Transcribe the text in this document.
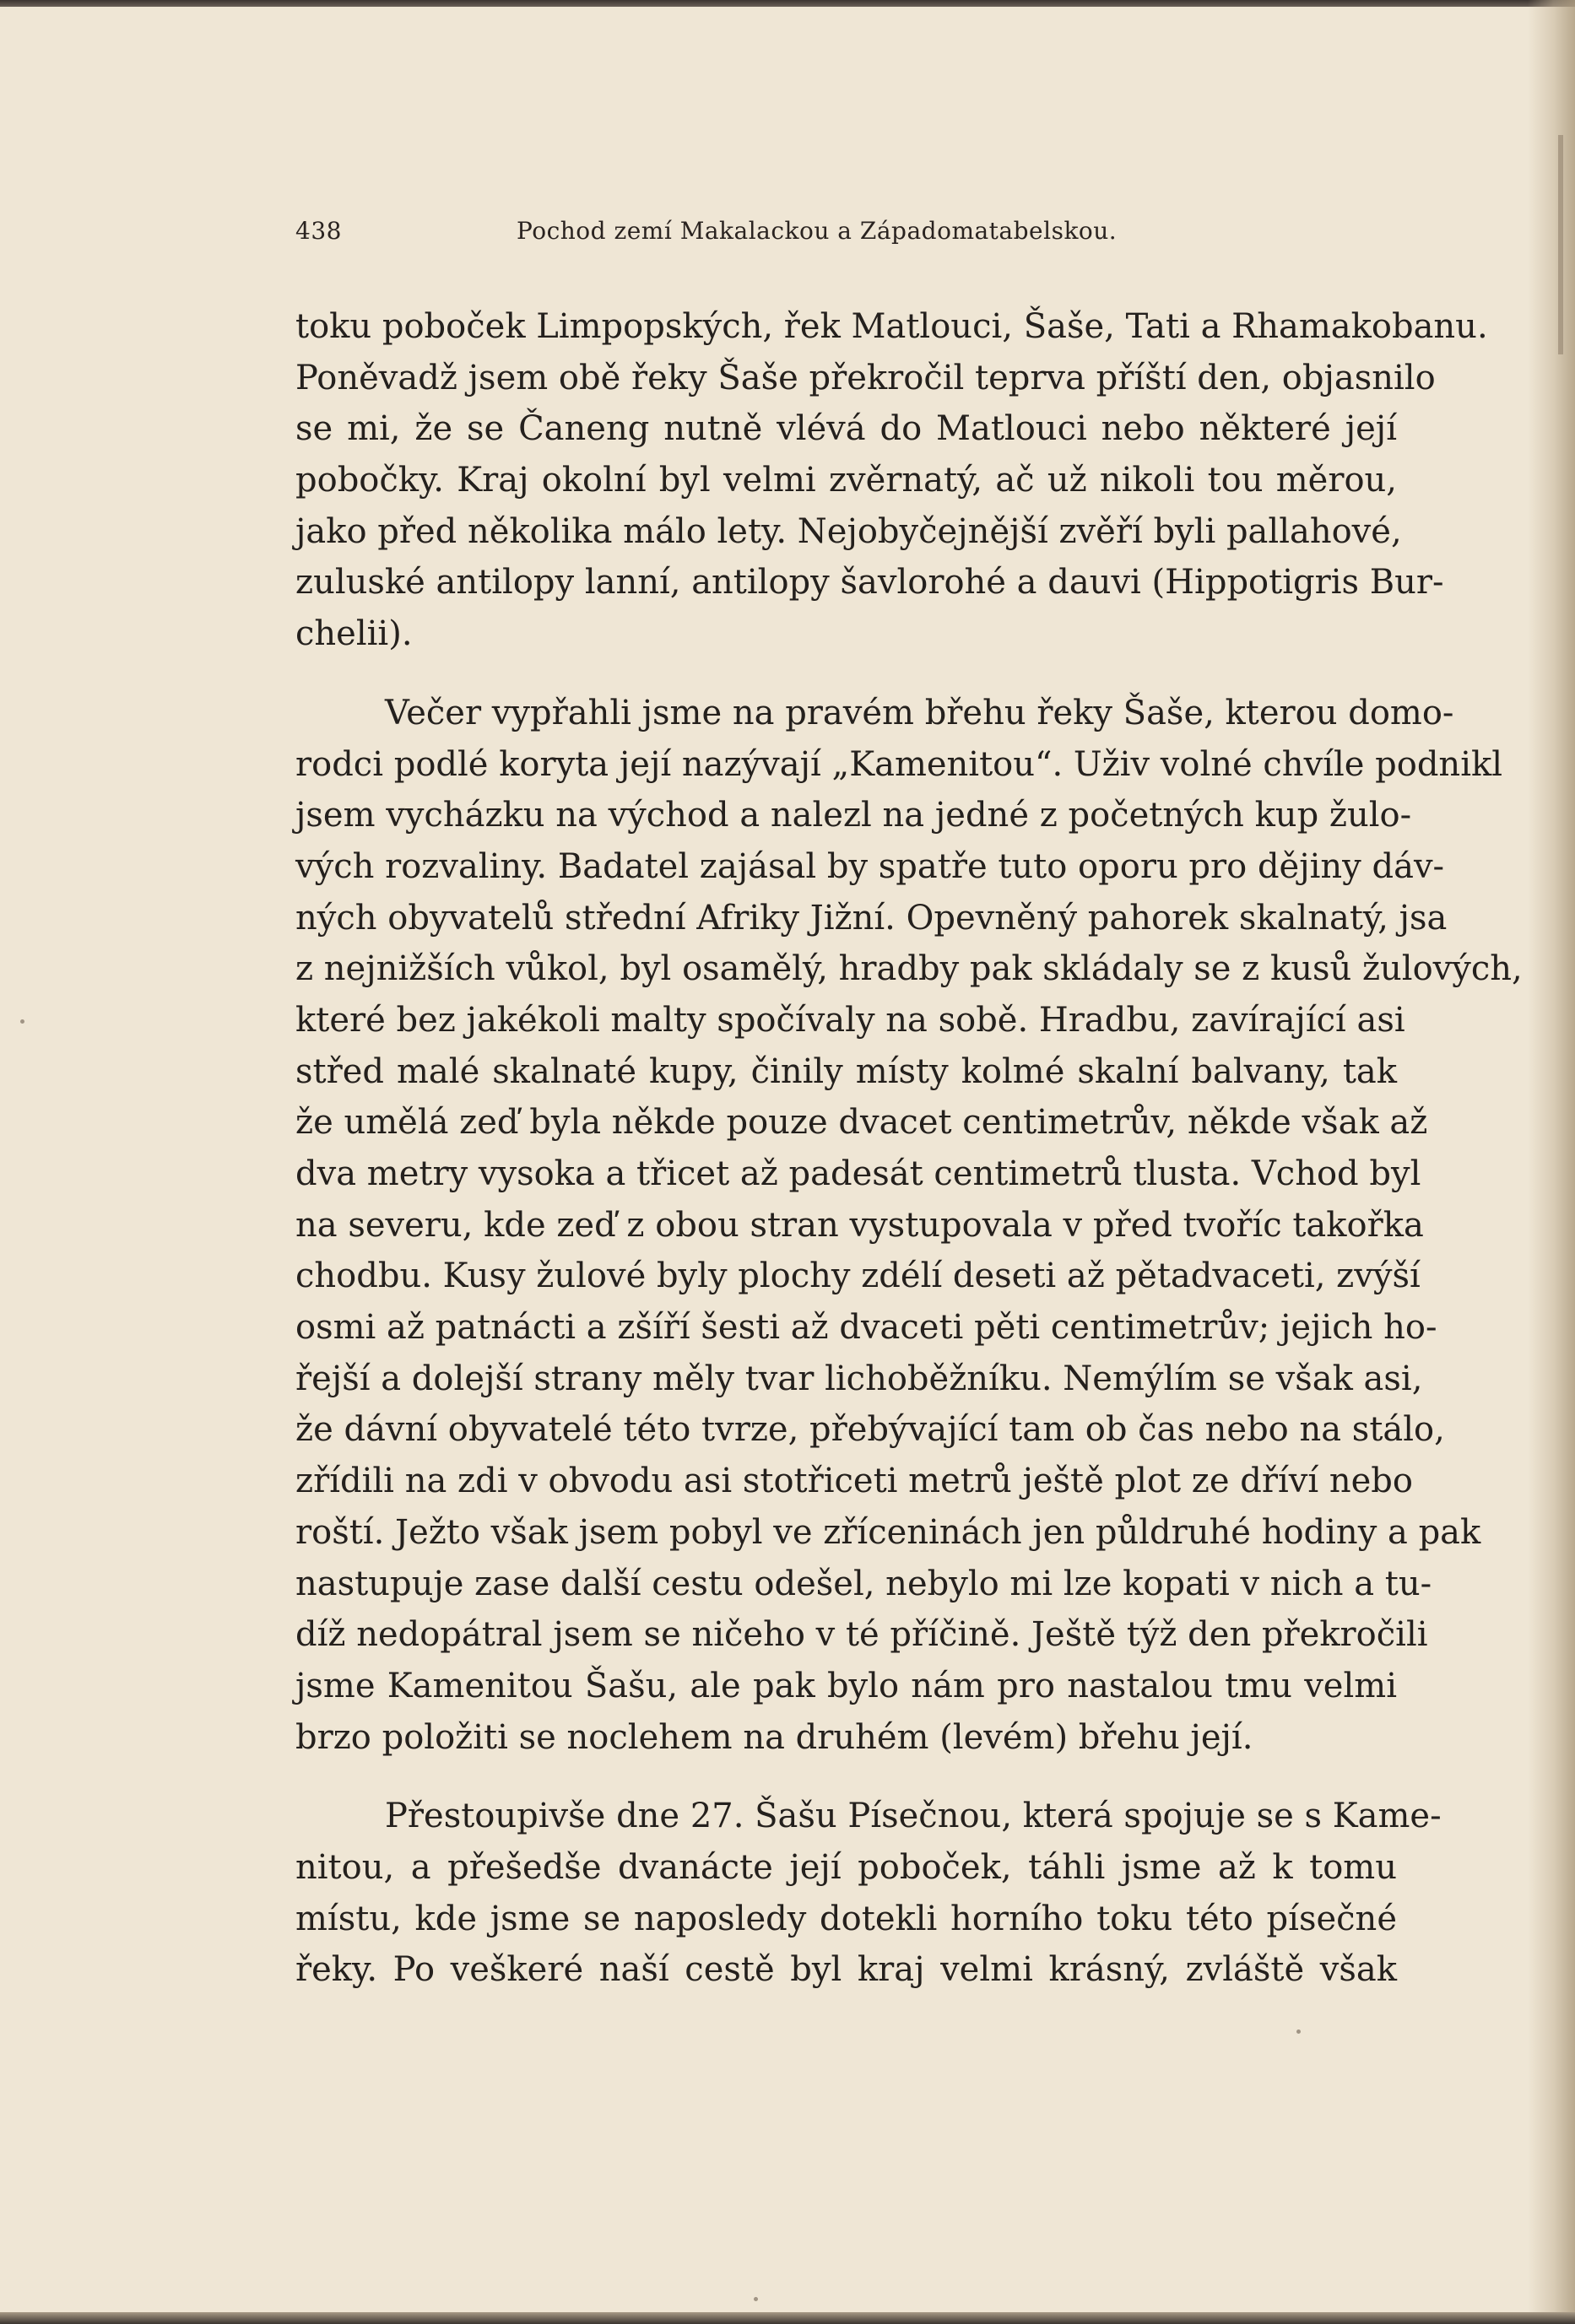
438	Pochod zemí Makalackou a Západomatabelskou.

toku poboček Limpopských, řek Matlouci, Šaše, Tati a Rhamakobanu.
Poněvadž jsem obě řeky Šaše překročil teprva příští den, objasnilo
se mi, že se Čaneng nutně vlévá do Matlouci nebo některé její
pobočky. Kraj okolní byl velmi zvěrnatý, ač už nikoli tou měrou,
jako před několika málo lety. Nejobyčejnější zvěří byli pallahové,
zuluské antilopy lanní, antilopy šavlorohé a dauvi (Hippotigris Bur-
chelii).

Večer vypřahli jsme na pravém břehu řeky Šaše, kterou domo-
rodci podlé koryta její nazývají „Kamenitou“. Uživ volné chvíle podnikl
jsem vycházku na východ a nalezl na jedné z početných kup žulo-
vých rozvaliny. Badatel zajásal by spatře tuto oporu pro dějiny dáv-
ných obyvatelů střední Afriky Jižní. Opevněný pahorek skalnatý, jsa
z nejnižších vůkol, byl osamělý, hradby pak skládaly se z kusů žulových,
které bez jakékoli malty spočívaly na sobě. Hradbu, zavírající asi
střed malé skalnaté kupy, činily místy kolmé skalní balvany, tak
že umělá zeď byla někde pouze dvacet centimetrův, někde však až
dva metry vysoka a třicet až padesát centimetrů tlusta. Vchod byl
na severu, kde zeď z obou stran vystupovala v před tvoříc takořka
chodbu. Kusy žulové byly plochy zdélí deseti až pětadvaceti, zvýší
osmi až patnácti a zšíří šesti až dvaceti pěti centimetrův; jejich ho-
řejší a dolejší strany měly tvar lichoběžníku. Nemýlím se však asi,
že dávní obyvatelé této tvrze, přebývající tam ob čas nebo na stálo,
zřídili na zdi v obvodu asi stotřiceti metrů ještě plot ze dříví nebo
roští. Ježto však jsem pobyl ve zříceninách jen půldruhé hodiny a pak
nastupuje zase další cestu odešel, nebylo mi lze kopati v nich a tu-
díž nedopátral jsem se ničeho v té příčině. Ještě týž den překročili
jsme Kamenitou Šašu, ale pak bylo nám pro nastalou tmu velmi
brzo položiti se noclehem na druhém (levém) břehu její.

Přestoupivše dne 27. Šašu Písečnou, která spojuje se s Kame-
nitou, a přešedše dvanácte její poboček, táhli jsme až k tomu
místu, kde jsme se naposledy dotekli horního toku této písečné
řeky. Po veškeré naší cestě byl kraj velmi krásný, zvláště však
